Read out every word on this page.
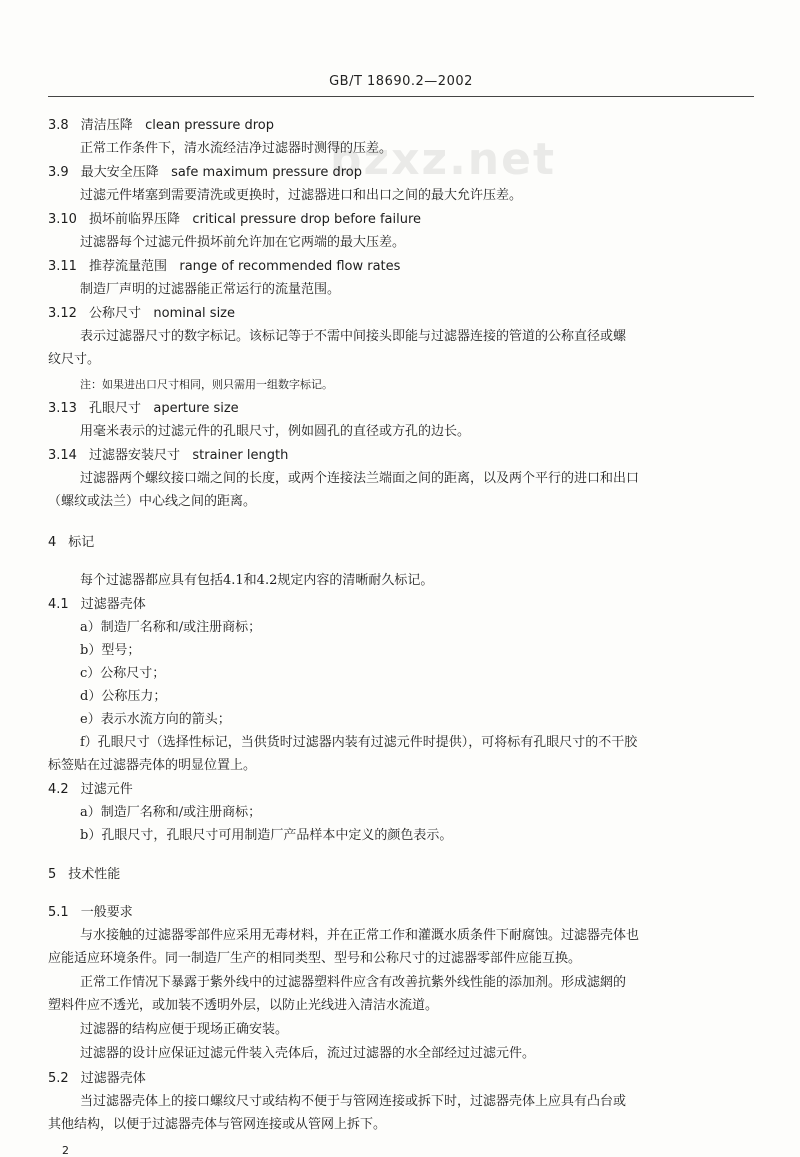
GB/T 18690.2—2002
bzxz.net
3.8 清洁压降 clean pressure drop
正常工作条件下，清水流经洁净过滤器时测得的压差。
3.9 最大安全压降 safe maximum pressure drop
过滤元件堵塞到需要清洗或更换时，过滤器进口和出口之间的最大允许压差。
3.10 损坏前临界压降 critical pressure drop before failure
过滤器每个过滤元件损坏前允许加在它两端的最大压差。
3.11 推荐流量范围 range of recommended flow rates
制造厂声明的过滤器能正常运行的流量范围。
3.12 公称尺寸 nominal size
表示过滤器尺寸的数字标记。该标记等于不需中间接头即能与过滤器连接的管道的公称直径或螺
纹尺寸。
注：如果进出口尺寸相同，则只需用一组数字标记。
3.13 孔眼尺寸 aperture size
用毫米表示的过滤元件的孔眼尺寸，例如圆孔的直径或方孔的边长。
3.14 过滤器安装尺寸 strainer length
过滤器两个螺纹接口端之间的长度，或两个连接法兰端面之间的距离，以及两个平行的进口和出口
（螺纹或法兰）中心线之间的距离。
4 标记
每个过滤器都应具有包括4.1和4.2规定内容的清晰耐久标记。
4.1 过滤器壳体
a）制造厂名称和/或注册商标；
b）型号；
c）公称尺寸；
d）公称压力；
e）表示水流方向的箭头；
f）孔眼尺寸（选择性标记，当供货时过滤器内装有过滤元件时提供），可将标有孔眼尺寸的不干胶
标签贴在过滤器壳体的明显位置上。
4.2 过滤元件
a）制造厂名称和/或注册商标；
b）孔眼尺寸，孔眼尺寸可用制造厂产品样本中定义的颜色表示。
5 技术性能
5.1 一般要求
与水接触的过滤器零部件应采用无毒材料，并在正常工作和灌溉水质条件下耐腐蚀。过滤器壳体也
应能适应环境条件。同一制造厂生产的相同类型、型号和公称尺寸的过滤器零部件应能互换。
正常工作情况下暴露于紫外线中的过滤器塑料件应含有改善抗紫外线性能的添加剂。形成滤網的
塑料件应不透光，或加装不透明外层，以防止光线进入清洁水流道。
过滤器的结构应便于现场正确安装。
过滤器的设计应保证过滤元件装入壳体后，流过过滤器的水全部经过过滤元件。
5.2 过滤器壳体
当过滤器壳体上的接口螺纹尺寸或结构不便于与管网连接或拆下时，过滤器壳体上应具有凸台或
其他结构，以便于过滤器壳体与管网连接或从管网上拆下。
2
